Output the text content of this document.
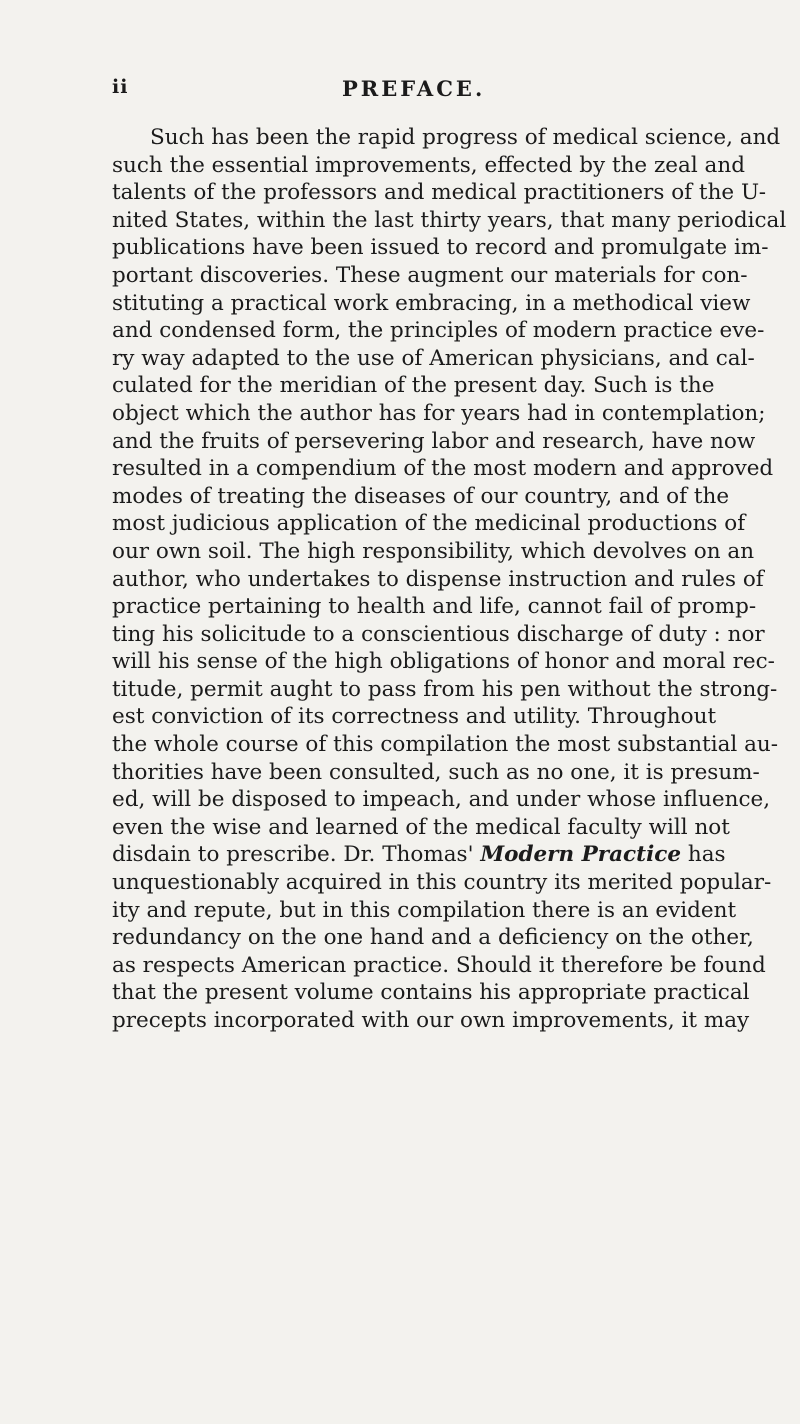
ii	PREFACE.
Such has been the rapid progress of medical science, and
such the essential improvements, effected by the zeal and
talents of the professors and medical practitioners of the U-
nited States, within the last thirty years, that many periodical
publications have been issued to record and promulgate im-
portant discoveries. These augment our materials for con-
stituting a practical work embracing, in a methodical view
and condensed form, the principles of modern practice eve-
ry way adapted to the use of American physicians, and cal-
culated for the meridian of the present day. Such is the
object which the author has for years had in contemplation;
and the fruits of persevering labor and research, have now
resulted in a compendium of the most modern and approved
modes of treating the diseases of our country, and of the
most judicious application of the medicinal productions of
our own soil. The high responsibility, which devolves on an
author, who undertakes to dispense instruction and rules of
practice pertaining to health and life, cannot fail of promp-
ting his solicitude to a conscientious discharge of duty : nor
will his sense of the high obligations of honor and moral rec-
titude, permit aught to pass from his pen without the strong-
est conviction of its correctness and utility. Throughout
the whole course of this compilation the most substantial au-
thorities have been consulted, such as no one, it is presum-
ed, will be disposed to impeach, and under whose influence,
even the wise and learned of the medical faculty will not
disdain to prescribe. Dr. Thomas' Modern Practice has
unquestionably acquired in this country its merited popular-
ity and repute, but in this compilation there is an evident
redundancy on the one hand and a deficiency on the other,
as respects American practice. Should it therefore be found
that the present volume contains his appropriate practical
precepts incorporated with our own improvements, it may
